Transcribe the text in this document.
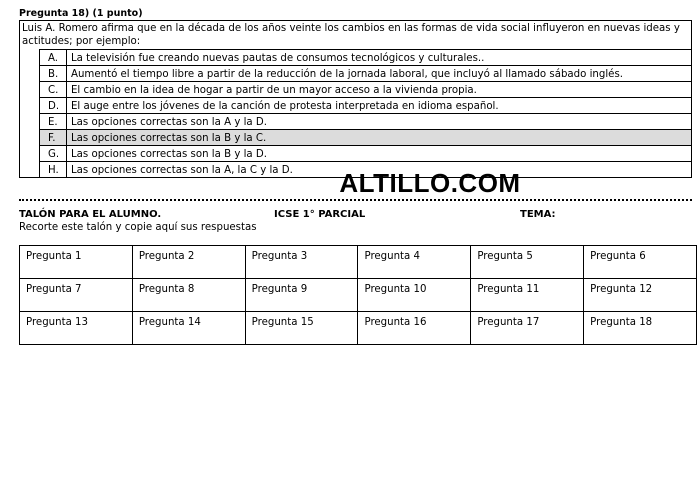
Pregunta 18) (1 punto)
Luis A. Romero afirma que en la década de los años veinte los cambios en las formas de vida social influyeron en nuevas ideas y actitudes; por ejemplo:
A.	La televisión fue creando nuevas pautas de consumos tecnológicos y culturales..
B.	Aumentó el tiempo libre a partir de la reducción de la jornada laboral, que incluyó al llamado sábado inglés.
C.	El cambio en la idea de hogar a partir de un mayor acceso a la vivienda propia.
D.	El auge entre los jóvenes de la canción de protesta interpretada en idioma español.
E.	Las opciones correctas son la A y la D.
F.	Las opciones correctas son la B y la C.
G.	Las opciones correctas son la B y la D.
H.	Las opciones correctas son la A, la C y la D.	ALTILLO.COM
TALÓN PARA EL ALUMNO.	ICSE 1° PARCIAL	TEMA:
Recorte este talón y copie aquí sus respuestas
Pregunta 1	Pregunta 2	Pregunta 3	Pregunta 4	Pregunta 5	Pregunta 6
Pregunta 7	Pregunta 8	Pregunta 9	Pregunta 10	Pregunta 11	Pregunta 12
Pregunta 13	Pregunta 14	Pregunta 15	Pregunta 16	Pregunta 17	Pregunta 18
